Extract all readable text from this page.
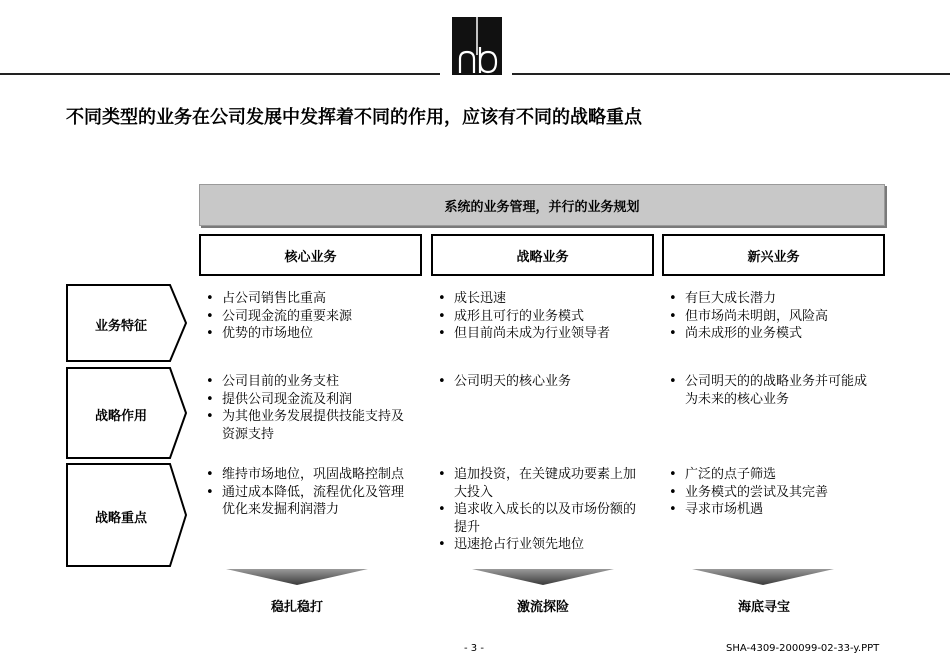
不同类型的业务在公司发展中发挥着不同的作用，应该有不同的战略重点
系统的业务管理，并行的业务规划
核心业务	战略业务	新兴业务
业务特征
战略作用
战略重点
• 占公司销售比重高
• 公司现金流的重要来源
• 优势的市场地位
• 成长迅速
• 成形且可行的业务模式
• 但目前尚未成为行业领导者
• 有巨大成长潜力
• 但市场尚未明朗，风险高
• 尚未成形的业务模式
• 公司目前的业务支柱
• 提供公司现金流及利润
• 为其他业务发展提供技能支持及资源支持
• 公司明天的核心业务
•	公司明天的的战略业务并可能成为未来的核心业务
• 维持市场地位，巩固战略控制点
• 通过成本降低，流程优化及管理优化来发掘利润潜力
• 追加投资，在关键成功要素上加大投入
• 追求收入成长的以及市场份额的提升
• 迅速抢占行业领先地位
• 广泛的点子筛选
• 业务模式的尝试及其完善
• 寻求市场机遇
稳扎稳打	激流探险	海底寻宝
- 3 -	SHA-4309-200099-02-33-y.PPT
